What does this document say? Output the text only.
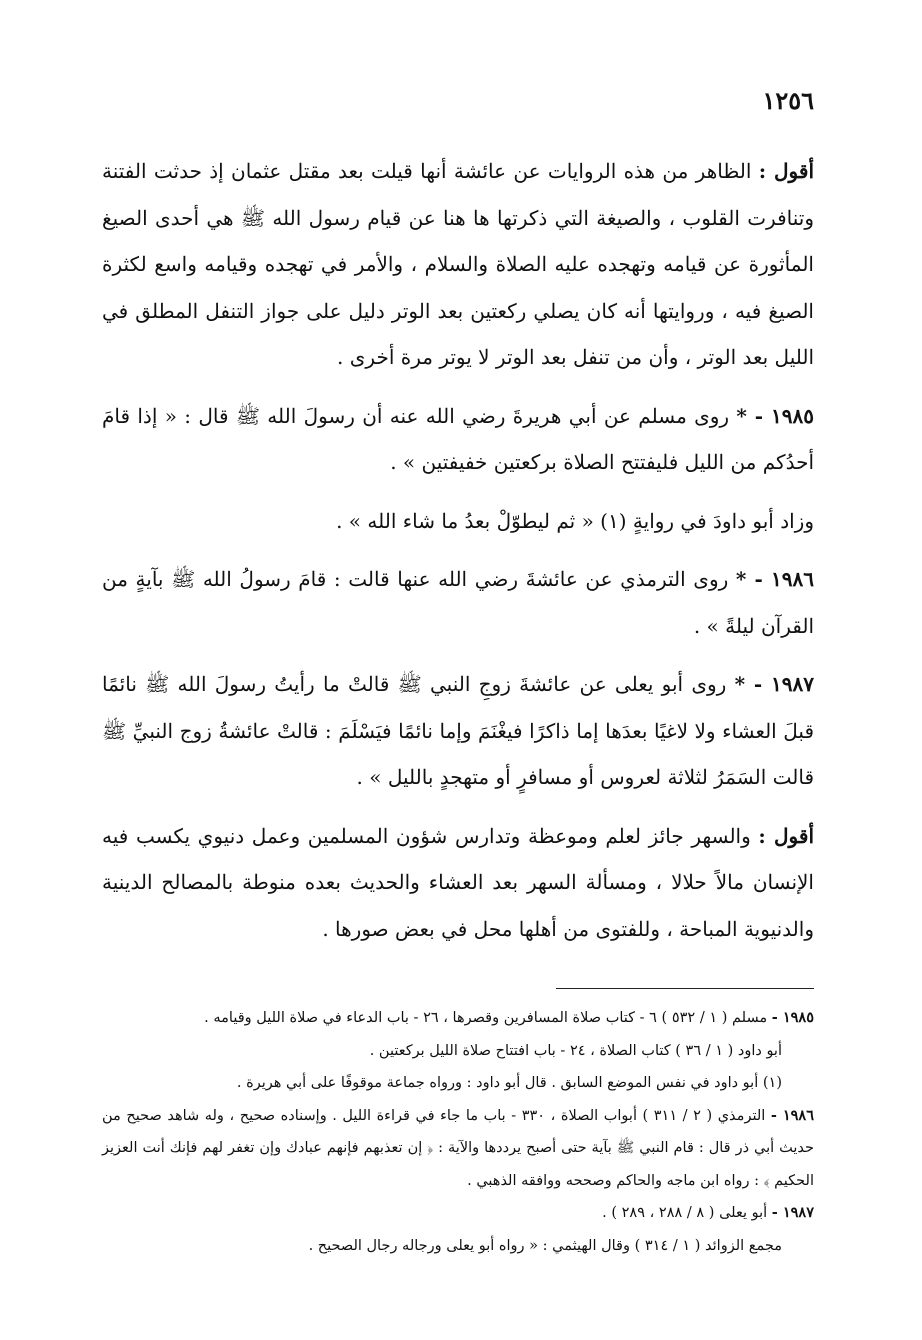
١٢٥٦

أقول : الظاهر من هذه الروايات عن عائشة أنها قيلت بعد مقتل عثمان إذ حدثت الفتنة وتنافرت القلوب ، والصيغة التي ذكرتها ها هنا عن قيام رسول الله ﷺ هي أحدى الصيغ المأثورة عن قيامه وتهجده عليه الصلاة والسلام ، والأمر في تهجده وقيامه واسع لكثرة الصيغ فيه ، وروايتها أنه كان يصلي ركعتين بعد الوتر دليل على جواز التنفل المطلق في الليل بعد الوتر ، وأن من تنفل بعد الوتر لا يوتر مرة أخرى .

١٩٨٥ - * روى مسلم عن أبي هريرةَ رضي الله عنه أن رسولَ الله ﷺ قال : « إذا قامَ أحدُكم من الليل فليفتتح الصلاة بركعتين خفيفتين » .

وزاد أبو داودَ في روايةٍ (١) « ثم ليطوّلْ بعدُ ما شاء الله » .

١٩٨٦ - * روى الترمذي عن عائشةَ رضي الله عنها قالت : قامَ رسولُ الله ﷺ بآيةٍ من القرآن ليلةً » .

١٩٨٧ - * روى أبو يعلى عن عائشةَ زوجِ النبي ﷺ قالتْ ما رأيتُ رسولَ الله ﷺ نائمًا قبلَ العشاء ولا لاغيًا بعدَها إما ذاكرًا فيغْنَمَ وإما نائمًا فيَسْلَمَ : قالتْ عائشةُ زوج النبيِّ ﷺ قالت السَمَرُ لثلاثة لعروس أو مسافرٍ أو متهجدٍ بالليل » .

أقول : والسهر جائز لعلم وموعظة وتدارس شؤون المسلمين وعمل دنيوي يكسب فيه الإنسان مالاً حلالا ، ومسألة السهر بعد العشاء والحديث بعده منوطة بالمصالح الدينية والدنيوية المباحة ، وللفتوى من أهلها محل في بعض صورها .

١٩٨٥ - مسلم ( ١ / ٥٣٢ ) ٦ - كتاب صلاة المسافرين وقصرها ، ٢٦ - باب الدعاء في صلاة الليل وقيامه .

أبو داود ( ١ / ٣٦ ) كتاب الصلاة ، ٢٤ - باب افتتاح صلاة الليل بركعتين .

(١) أبو داود في نفس الموضع السابق . قال أبو داود : ورواه جماعة موقوفًا على أبي هريرة .

١٩٨٦ - الترمذي ( ٢ / ٣١١ ) أبواب الصلاة ، ٣٣٠ - باب ما جاء في قراءة الليل . وإسناده صحيح ، وله شاهد صحيح من حديث أبي ذر قال : قام النبي ﷺ بآية حتى أصبح يرددها والآية : ﴿ إن تعذبهم فإنهم عبادك وإن تغفر لهم فإنك أنت العزيز الحكيم ﴾ : رواه ابن ماجه والحاكم وصححه ووافقه الذهبي .

١٩٨٧ - أبو يعلى ( ٨ / ٢٨٨ ، ٢٨٩ ) .

مجمع الزوائد ( ١ / ٣١٤ ) وقال الهيثمي : « رواه أبو يعلى ورجاله رجال الصحيح .
